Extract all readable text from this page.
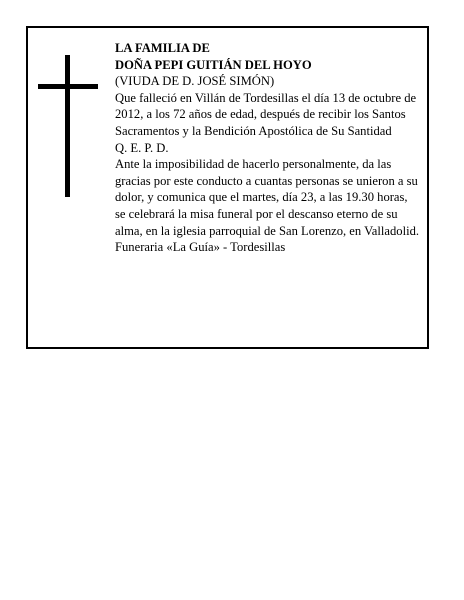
LA FAMILIA DE

DOÑA PEPI GUITIÁN DEL HOYO

(VIUDA DE D. JOSÉ SIMÓN)

Que falleció en Villán de Tordesillas el día 13 de octubre de 2012, a los 72 años de edad, después de recibir los Santos Sacramentos y la Bendición Apostólica de Su Santidad

Q. E. P. D.

Ante la imposibilidad de hacerlo personalmente, da las gracias por este conducto a cuantas personas se unieron a su dolor, y comunica que el martes, día 23, a las 19.30 horas, se celebrará la misa funeral por el descanso eterno de su alma, en la iglesia parroquial de San Lorenzo, en Valladolid.

Funeraria «La Guía» - Tordesillas
